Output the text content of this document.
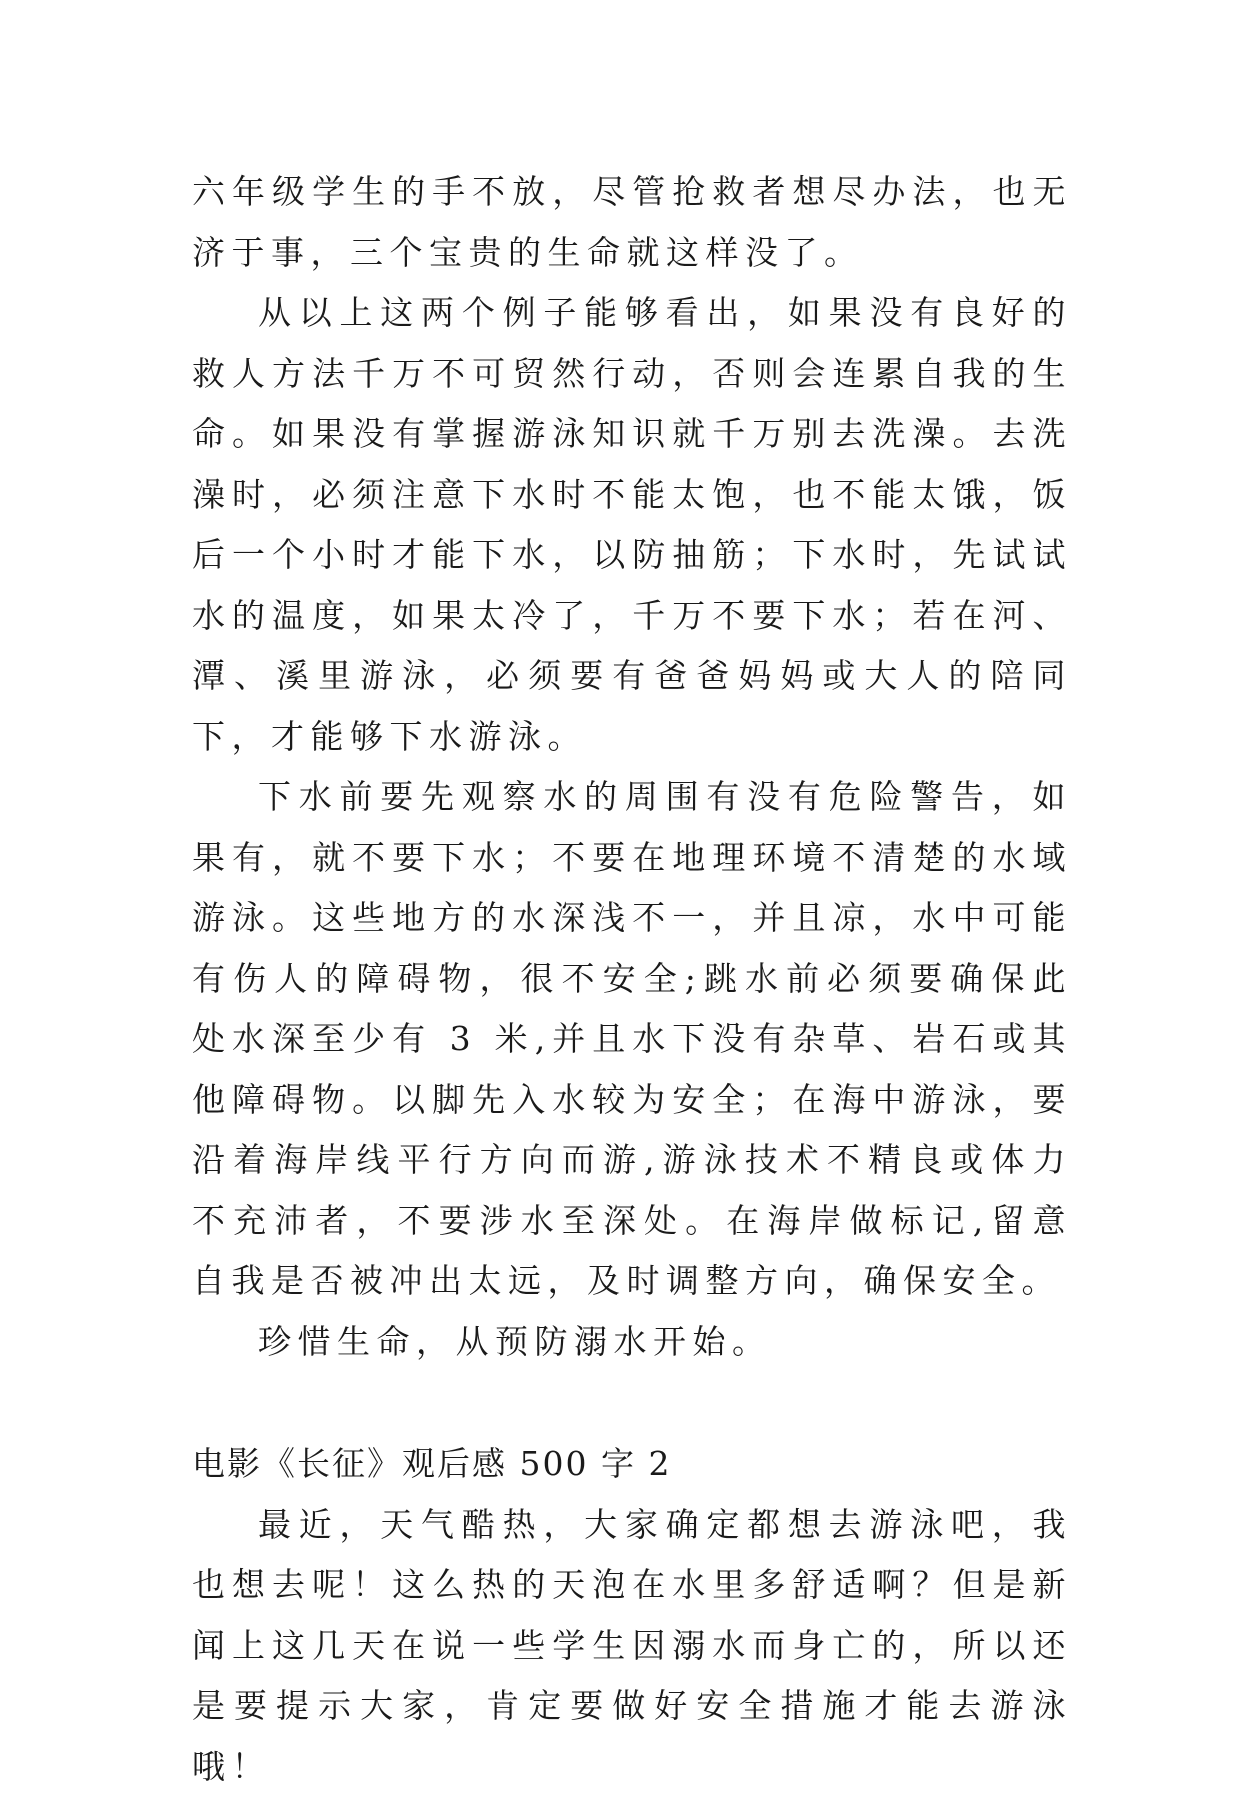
六年级学生的手不放，尽管抢救者想尽办法，也无济于事，三个宝贵的生命就这样没了。

从以上这两个例子能够看出，如果没有良好的救人方法千万不可贸然行动，否则会连累自我的生命。如果没有掌握游泳知识就千万别去洗澡。去洗澡时，必须注意下水时不能太饱，也不能太饿，饭后一个小时才能下水，以防抽筋；下水时，先试试水的温度，如果太冷了，千万不要下水；若在河、潭、溪里游泳，必须要有爸爸妈妈或大人的陪同下，才能够下水游泳。

下水前要先观察水的周围有没有危险警告，如果有，就不要下水；不要在地理环境不清楚的水域游泳。这些地方的水深浅不一，并且凉，水中可能有伤人的障碍物，很不安全;跳水前必须要确保此处水深至少有 3 米,并且水下没有杂草、岩石或其他障碍物。以脚先入水较为安全；在海中游泳，要沿着海岸线平行方向而游,游泳技术不精良或体力不充沛者，不要涉水至深处。在海岸做标记,留意自我是否被冲出太远，及时调整方向，确保安全。

珍惜生命，从预防溺水开始。

电影《长征》观后感 500 字 2

最近，天气酷热，大家确定都想去游泳吧，我也想去呢！这么热的天泡在水里多舒适啊？但是新闻上这几天在说一些学生因溺水而身亡的，所以还是要提示大家，肯定要做好安全措施才能去游泳哦！
